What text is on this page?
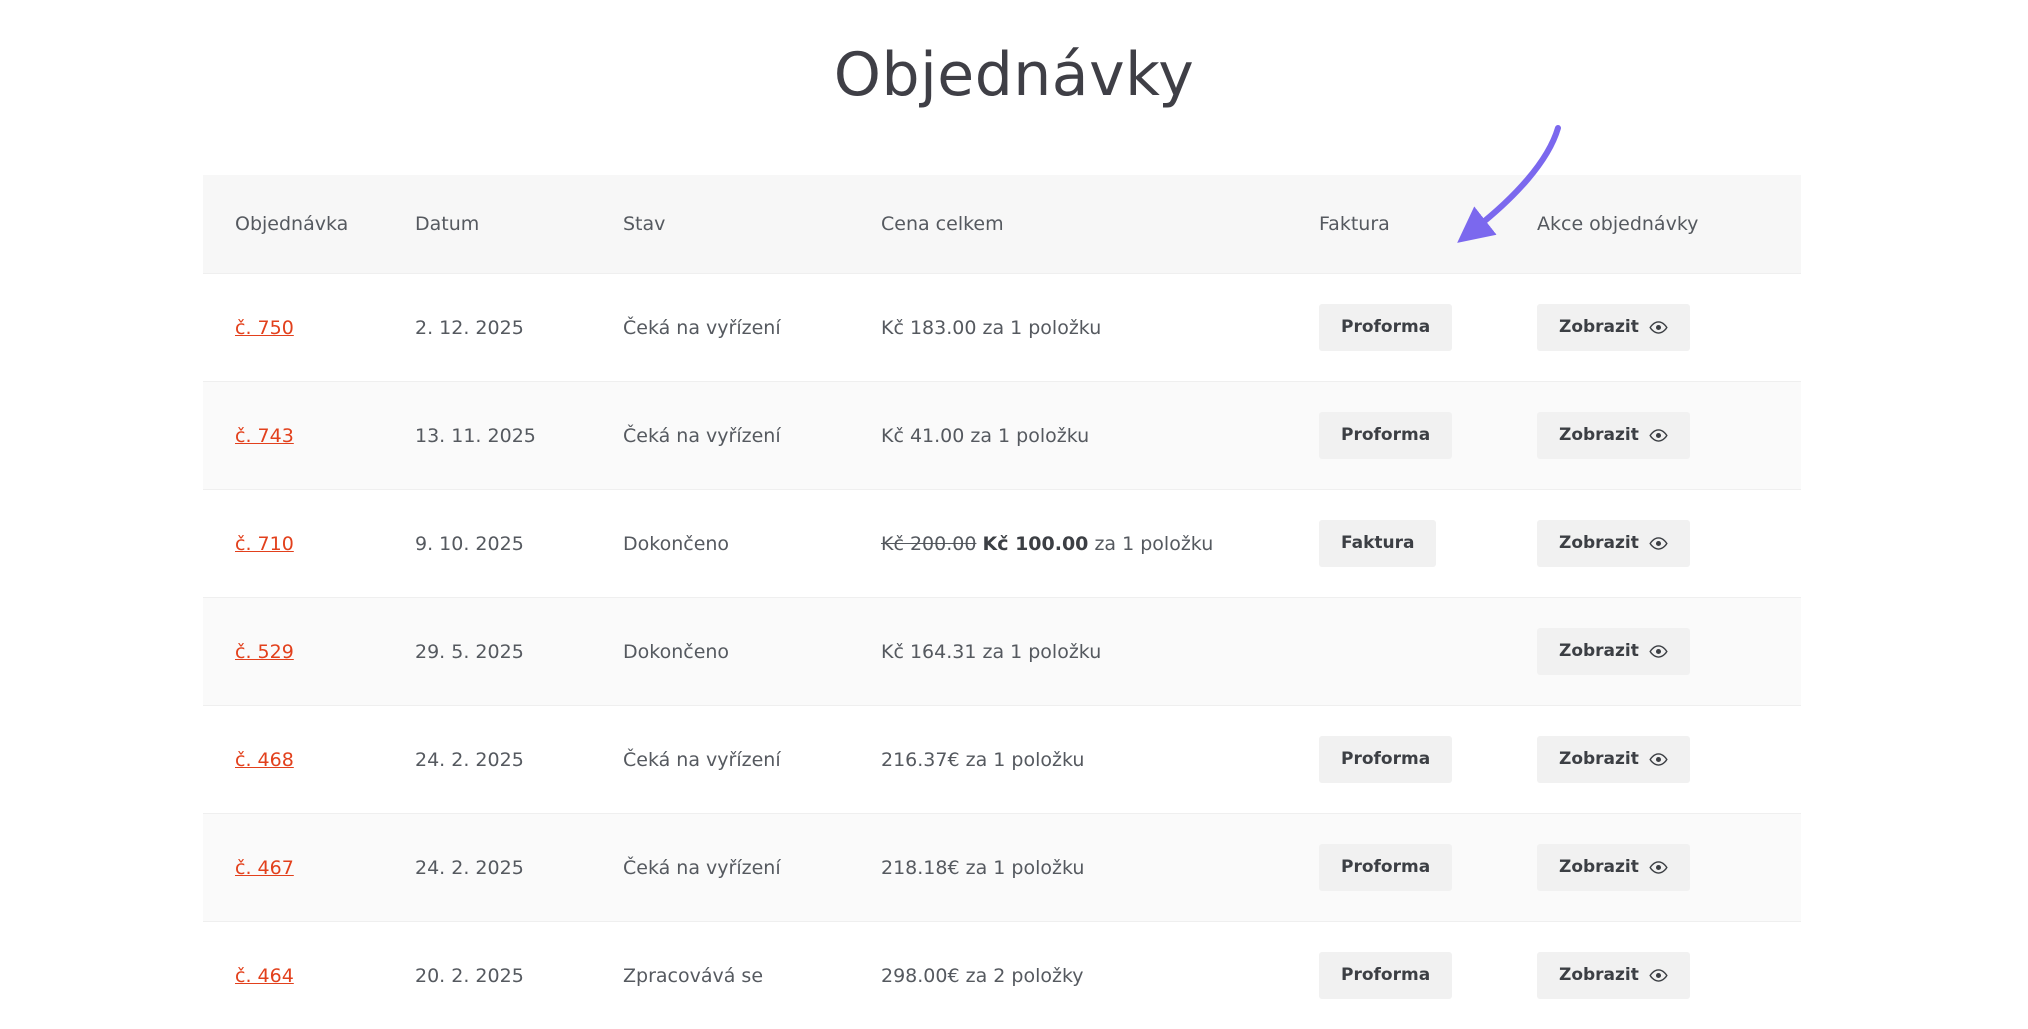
Objednávky
Objednávka	Datum	Stav	Cena celkem	Faktura	Akce objednávky
č. 750	2. 12. 2025	Čeká na vyřízení	Kč 183.00 za 1 položku	Proforma	Zobrazit

č. 743	13. 11. 2025	Čeká na vyřízení	Kč 41.00 za 1 položku	Proforma	Zobrazit

č. 710	9. 10. 2025	Dokončeno	Kč 200.00 Kč 100.00 za 1 položku	Faktura	Zobrazit

č. 529	29. 5. 2025	Dokončeno	Kč 164.31 za 1 položku		Zobrazit

č. 468	24. 2. 2025	Čeká na vyřízení	216.37€ za 1 položku	Proforma	Zobrazit

č. 467	24. 2. 2025	Čeká na vyřízení	218.18€ za 1 položku	Proforma	Zobrazit

č. 464	20. 2. 2025	Zpracovává se	298.00€ za 2 položky	Proforma	Zobrazit
